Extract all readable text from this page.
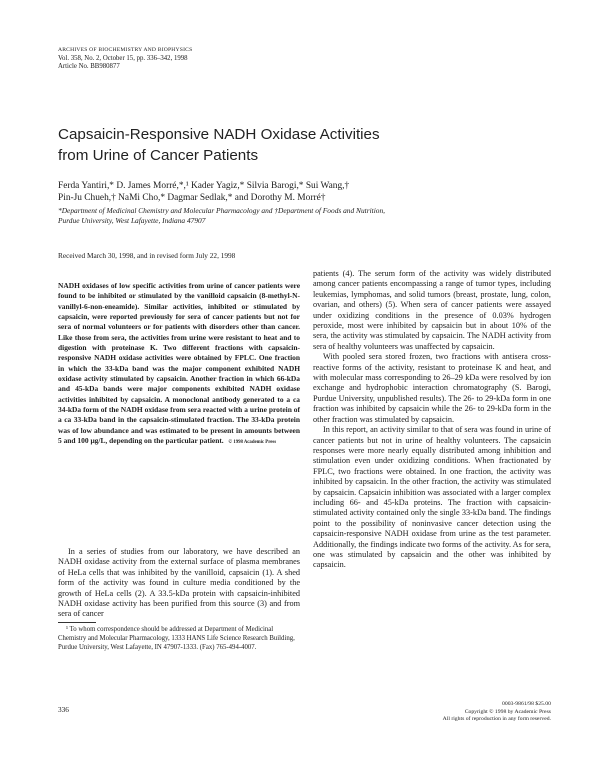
ARCHIVES OF BIOCHEMISTRY AND BIOPHYSICS
Vol. 358, No. 2, October 15, pp. 336–342, 1998
Article No. BB980877
Capsaicin-Responsive NADH Oxidase Activities
from Urine of Cancer Patients
Ferda Yantiri,* D. James Morré,*,¹ Kader Yagiz,* Silvia Barogi,* Sui Wang,†
Pin-Ju Chueh,† NaMi Cho,* Dagmar Sedlak,* and Dorothy M. Morré†
*Department of Medicinal Chemistry and Molecular Pharmacology and †Department of Foods and Nutrition,
Purdue University, West Lafayette, Indiana 47907
Received March 30, 1998, and in revised form July 22, 1998
NADH oxidases of low specific activities from urine of cancer patients were found to be inhibited or stimulated by the vanilloid capsaicin (8-methyl-N-vanillyl-6-non-eneamide). Similar activities, inhibited or stimulated by capsaicin, were reported previously for sera of cancer patients but not for sera of normal volunteers or for patients with disorders other than cancer. Like those from sera, the activities from urine were resistant to heat and to digestion with proteinase K. Two different fractions with capsaicin-responsive NADH oxidase activities were obtained by FPLC. One fraction in which the 33-kDa band was the major component exhibited NADH oxidase activity stimulated by capsaicin. Another fraction in which 66-kDa and 45-kDa bands were major components exhibited NADH oxidase activities inhibited by capsaicin. A monoclonal antibody generated to a ca 34-kDa form of the NADH oxidase from sera reacted with a urine protein of a ca 33-kDa band in the capsaicin-stimulated fraction. The 33-kDa protein was of low abundance and was estimated to be present in amounts between 5 and 100 μg/L, depending on the particular patient. © 1998 Academic Press
In a series of studies from our laboratory, we have described an NADH oxidase activity from the external surface of plasma membranes of HeLa cells that was inhibited by the vanilloid, capsaicin (1). A shed form of the activity was found in culture media conditioned by the growth of HeLa cells (2). A 33.5-kDa protein with capsaicin-inhibited NADH oxidase activity has been purified from this source (3) and from sera of cancer
¹ To whom correspondence should be addressed at Department of Medicinal Chemistry and Molecular Pharmacology, 1333 HANS Life Science Research Building, Purdue University, West Lafayette, IN 47907-1333. (Fax) 765-494-4007.
336

patients (4). The serum form of the activity was widely distributed among cancer patients encompassing a range of tumor types, including leukemias, lymphomas, and solid tumors (breast, prostate, lung, colon, ovarian, and others) (5). When sera of cancer patients were assayed under oxidizing conditions in the presence of 0.03% hydrogen peroxide, most were inhibited by capsaicin but in about 10% of the sera, the activity was stimulated by capsaicin. The NADH activity from sera of healthy volunteers was unaffected by capsaicin.

With pooled sera stored frozen, two fractions with antisera cross-reactive forms of the activity, resistant to proteinase K and heat, and with molecular mass corresponding to 26–29 kDa were resolved by ion exchange and hydrophobic interaction chromatography (S. Barogi, Purdue University, unpublished results). The 26- to 29-kDa form in one fraction was inhibited by capsaicin while the 26- to 29-kDa form in the other fraction was stimulated by capsaicin.

In this report, an activity similar to that of sera was found in urine of cancer patients but not in urine of healthy volunteers. The capsaicin responses were more nearly equally distributed among inhibition and stimulation even under oxidizing conditions. When fractionated by FPLC, two fractions were obtained. In one fraction, the activity was inhibited by capsaicin. In the other fraction, the activity was stimulated by capsaicin. Capsaicin inhibition was associated with a larger complex including 66- and 45-kDa proteins. The fraction with capsaicin-stimulated activity contained only the single 33-kDa band. The findings point to the possibility of noninvasive cancer detection using the capsaicin-responsive NADH oxidase from urine as the test parameter. Additionally, the findings indicate two forms of the activity. As for sera, one was stimulated by capsaicin and the other was inhibited by capsaicin.

0003-9861/98 $25.00
Copyright © 1998 by Academic Press
All rights of reproduction in any form reserved.
